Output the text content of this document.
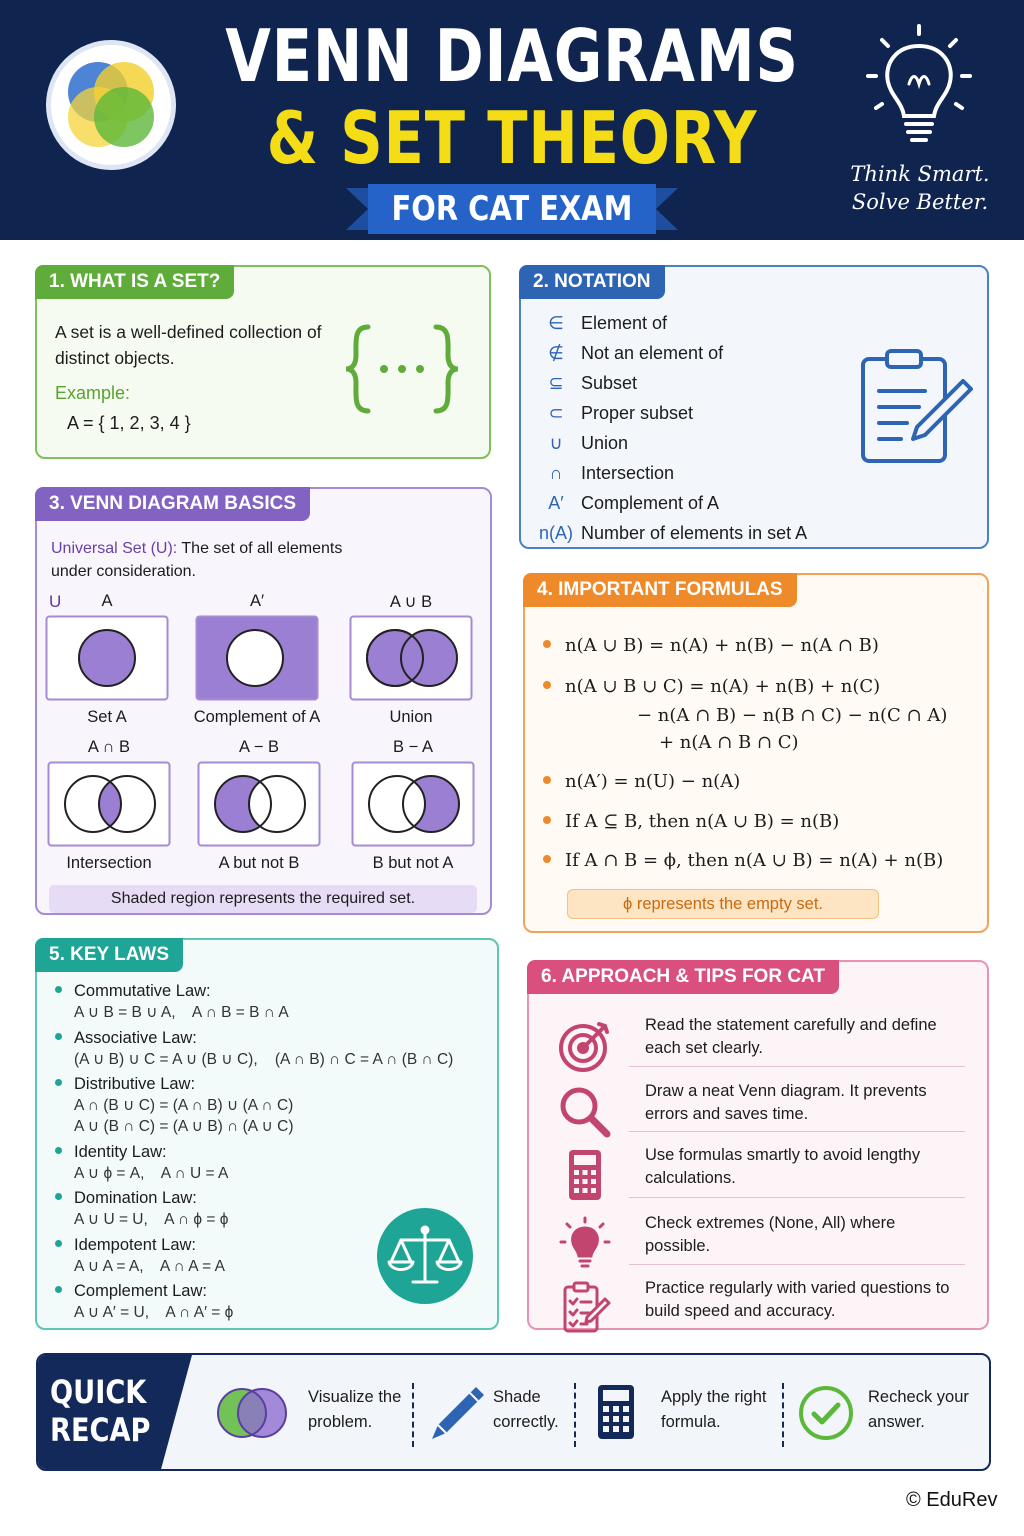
VENN DIAGRAMS
& SET THEORY
FOR CAT EXAM
Think Smart.
Solve Better.
1. WHAT IS A SET?
A set is a well-defined collection of distinct objects.
Example:
A = { 1, 2, 3, 4 }
2. NOTATION
∈ Element of
∉ Not an element of
⊆ Subset
⊂ Proper subset
∪	Union
∩	Intersection
A′ Complement of A
n(A) Number of elements in set A
3. VENN DIAGRAM BASICS
Universal Set (U): The set of all elements under consideration.
U	A	A′	A ∪ B
Set A	Complement of A	Union
A ∩ B	A − B	B − A
Intersection	A but not B	B but not A
Shaded region represents the required set.
4. IMPORTANT FORMULAS
n(A ∪ B) = n(A) + n(B) − n(A ∩ B)
n(A ∪ B ∪ C) = n(A) + n(B) + n(C)
− n(A ∩ B) − n(B ∩ C) − n(C ∩ A)
+ n(A ∩ B ∩ C)
n(A′) = n(U) − n(A)
If A ⊆ B, then n(A ∪ B) = n(B)
If A ∩ B = ϕ, then n(A ∪ B) = n(A) + n(B)
ϕ represents the empty set.
5. KEY LAWS
Commutative Law:
A ∪ B = B ∪ A,    A ∩ B = B ∩ A
Associative Law:
(A ∪ B) ∪ C = A ∪ (B ∪ C),    (A ∩ B) ∩ C = A ∩ (B ∩ C)
Distributive Law:
A ∩ (B ∪ C) = (A ∩ B) ∪ (A ∩ C)
A ∪ (B ∩ C) = (A ∪ B) ∩ (A ∪ C)
Identity Law:
A ∪ ϕ = A,    A ∩ U = A
Domination Law:
A ∪ U = U,    A ∩ ϕ = ϕ
Idempotent Law:
A ∪ A = A,    A ∩ A = A
Complement Law:
A ∪ A′ = U,    A ∩ A′ = ϕ
6. APPROACH & TIPS FOR CAT
Read the statement carefully and define each set clearly.
Draw a neat Venn diagram. It prevents errors and saves time.
Use formulas smartly to avoid lengthy calculations.
Check extremes (None, All) where possible.
Practice regularly with varied questions to build speed and accuracy.
QUICK RECAP
Visualize the problem.
Shade correctly.
Apply the right formula.
Recheck your answer.
© EduRev
